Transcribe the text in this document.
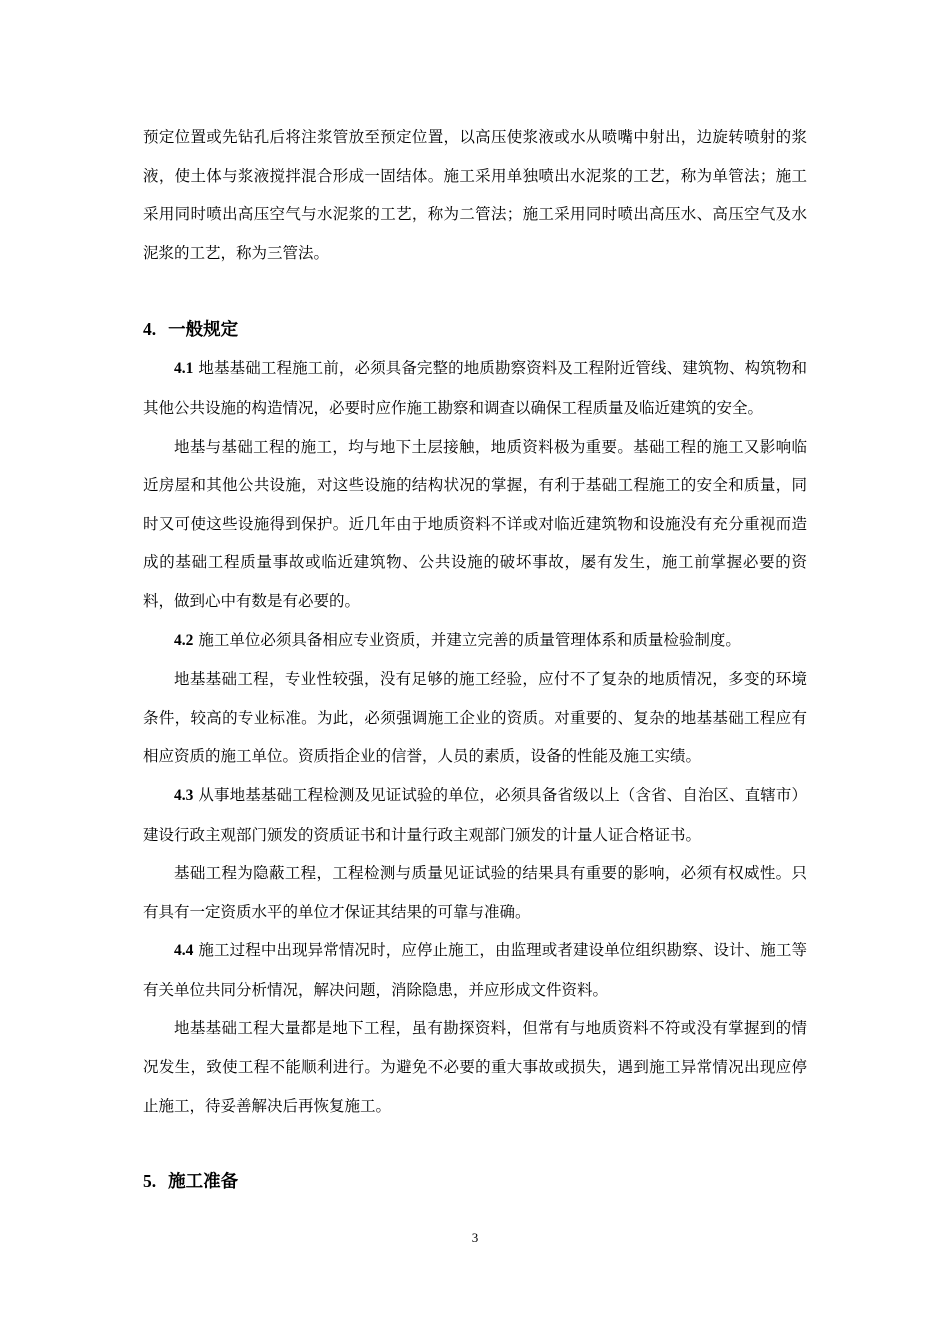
预定位置或先钻孔后将注浆管放至预定位置，以高压使浆液或水从喷嘴中射出，边旋转喷射的浆液，使土体与浆液搅拌混合形成一固结体。施工采用单独喷出水泥浆的工艺，称为单管法；施工采用同时喷出高压空气与水泥浆的工艺，称为二管法；施工采用同时喷出高压水、高压空气及水泥浆的工艺，称为三管法。

4. 一般规定

4.1 地基基础工程施工前，必须具备完整的地质勘察资料及工程附近管线、建筑物、构筑物和其他公共设施的构造情况，必要时应作施工勘察和调查以确保工程质量及临近建筑的安全。

地基与基础工程的施工，均与地下土层接触，地质资料极为重要。基础工程的施工又影响临近房屋和其他公共设施，对这些设施的结构状况的掌握，有利于基础工程施工的安全和质量，同时又可使这些设施得到保护。近几年由于地质资料不详或对临近建筑物和设施没有充分重视而造成的基础工程质量事故或临近建筑物、公共设施的破坏事故，屡有发生，施工前掌握必要的资料，做到心中有数是有必要的。

4.2 施工单位必须具备相应专业资质，并建立完善的质量管理体系和质量检验制度。

地基基础工程，专业性较强，没有足够的施工经验，应付不了复杂的地质情况，多变的环境条件，较高的专业标准。为此，必须强调施工企业的资质。对重要的、复杂的地基基础工程应有相应资质的施工单位。资质指企业的信誉，人员的素质，设备的性能及施工实绩。

4.3 从事地基基础工程检测及见证试验的单位，必须具备省级以上（含省、自治区、直辖市）建设行政主观部门颁发的资质证书和计量行政主观部门颁发的计量人证合格证书。

基础工程为隐蔽工程，工程检测与质量见证试验的结果具有重要的影响，必须有权威性。只有具有一定资质水平的单位才保证其结果的可靠与准确。

4.4 施工过程中出现异常情况时，应停止施工，由监理或者建设单位组织勘察、设计、施工等有关单位共同分析情况，解决问题，消除隐患，并应形成文件资料。

地基基础工程大量都是地下工程，虽有勘探资料，但常有与地质资料不符或没有掌握到的情况发生，致使工程不能顺利进行。为避免不必要的重大事故或损失，遇到施工异常情况出现应停止施工，待妥善解决后再恢复施工。

5. 施工准备
3
